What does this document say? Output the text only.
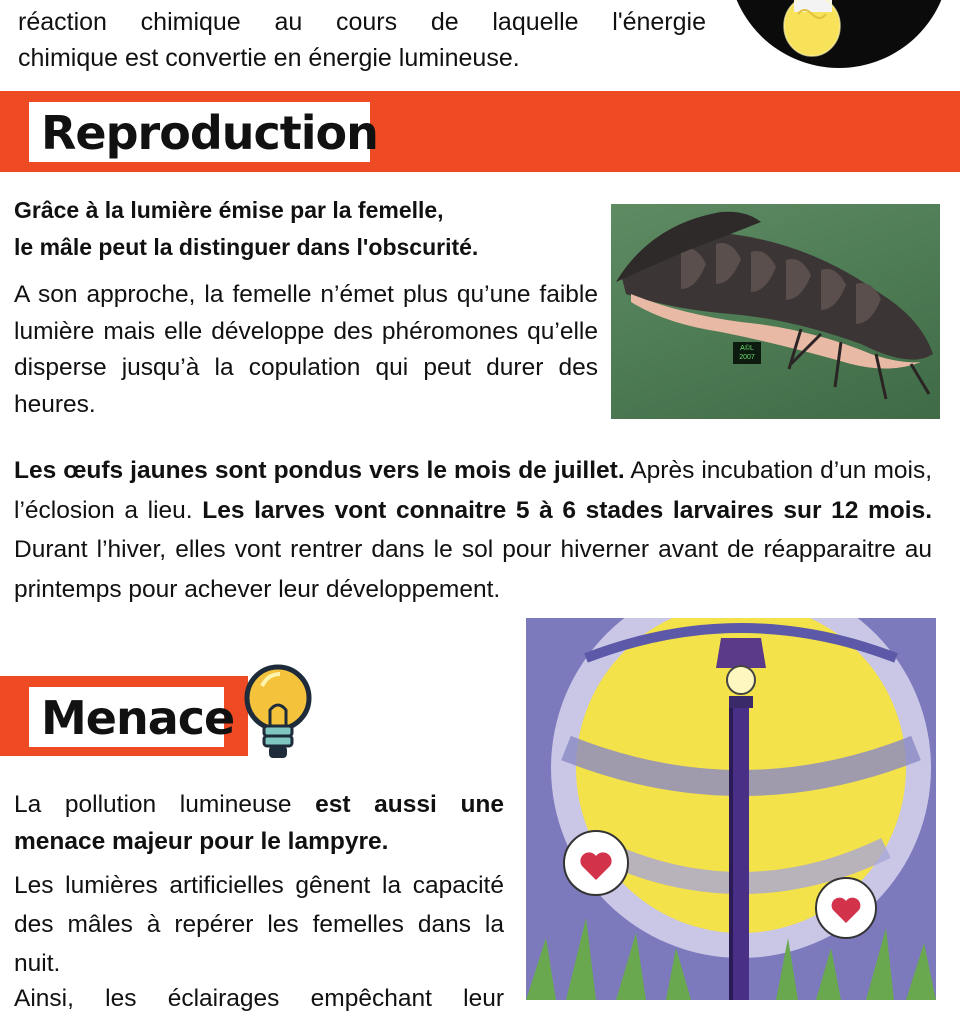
réaction chimique au cours de laquelle l'énergie
chimique est convertie en énergie lumineuse.
Reproduction
Grâce à la lumière émise par la femelle,
le mâle peut la distinguer dans l'obscurité.
A son approche, la femelle n’émet plus qu’une faible lumière mais elle développe des phéromones qu’elle disperse jusqu’à la copulation qui peut durer des heures.
A©L
2007
Les œufs jaunes sont pondus vers le mois de juillet. Après incubation d’un mois, l’éclosion a lieu. Les larves vont connaitre 5 à 6 stades larvaires sur 12 mois. Durant l’hiver, elles vont rentrer dans le sol pour hiverner avant de réapparaitre au printemps pour achever leur développement.
Menace
La pollution lumineuse est aussi une menace majeur pour le lampyre.
Les lumières artificielles gênent la capacité des mâles à repérer les femelles dans la nuit.
Ainsi, les éclairages empêchant leur
